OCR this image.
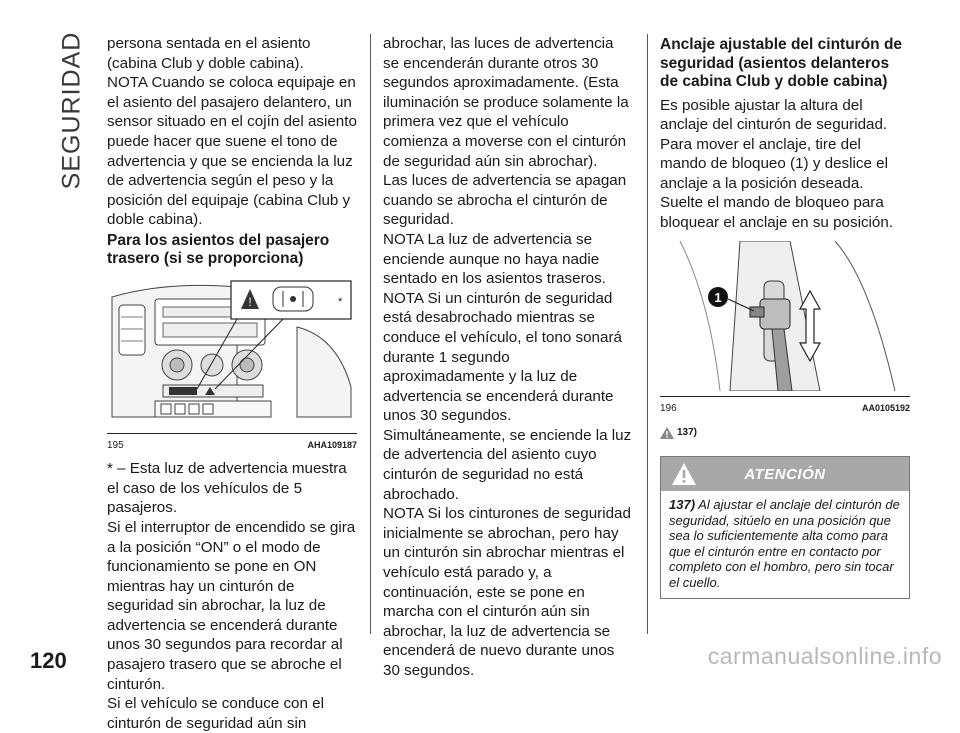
SEGURIDAD persona sentada en el asiento (cabina Club y doble cabina).

NOTA Cuando se coloca equipaje en el asiento del pasajero delantero, un sensor situado en el cojín del asiento puede hacer que suene el tono de advertencia y que se encienda la luz de advertencia según el peso y la posición del equipaje (cabina Club y doble cabina).

Para los asientos del pasajero trasero (si se proporciona)
!	*
195	AHA109187

* – Esta luz de advertencia muestra el caso de los vehículos de 5 pasajeros.

Si el interruptor de encendido se gira a la posición “ON” o el modo de funcionamiento se pone en ON mientras hay un cinturón de seguridad sin abrochar, la luz de advertencia se encenderá durante unos 30 segundos para recordar al pasajero trasero que se abroche el cinturón.

Si el vehículo se conduce con el cinturón de seguridad aún sin

abrochar, las luces de advertencia se encenderán durante otros 30 segundos aproximadamente. (Esta iluminación se produce solamente la primera vez que el vehículo comienza a moverse con el cinturón de seguridad aún sin abrochar).

Las luces de advertencia se apagan cuando se abrocha el cinturón de seguridad.

NOTA La luz de advertencia se enciende aunque no haya nadie sentado en los asientos traseros.

NOTA Si un cinturón de seguridad está desabrochado mientras se conduce el vehículo, el tono sonará durante 1 segundo aproximadamente y la luz de advertencia se encenderá durante unos 30 segundos. Simultáneamente, se enciende la luz de advertencia del asiento cuyo cinturón de seguridad no está abrochado.

NOTA Si los cinturones de seguridad inicialmente se abrochan, pero hay un cinturón sin abrochar mientras el vehículo está parado y, a continuación, este se pone en marcha con el cinturón aún sin abrochar, la luz de advertencia se encenderá de nuevo durante unos 30 segundos.

Anclaje ajustable del cinturón de seguridad (asientos delanteros de cabina Club y doble cabina)

Es posible ajustar la altura del anclaje del cinturón de seguridad. Para mover el anclaje, tire del mando de bloqueo (1) y deslice el anclaje a la posición deseada. Suelte el mando de bloqueo para bloquear el anclaje en su posición.

1
196	AA0105192
137)
ATENCIÓN
137) Al ajustar el anclaje del cinturón de seguridad, sitúelo en una posición que sea lo suficientemente alta como para que el cinturón entre en contacto por completo con el hombro, pero sin tocar el cuello.
120	carmanualsonline.info
